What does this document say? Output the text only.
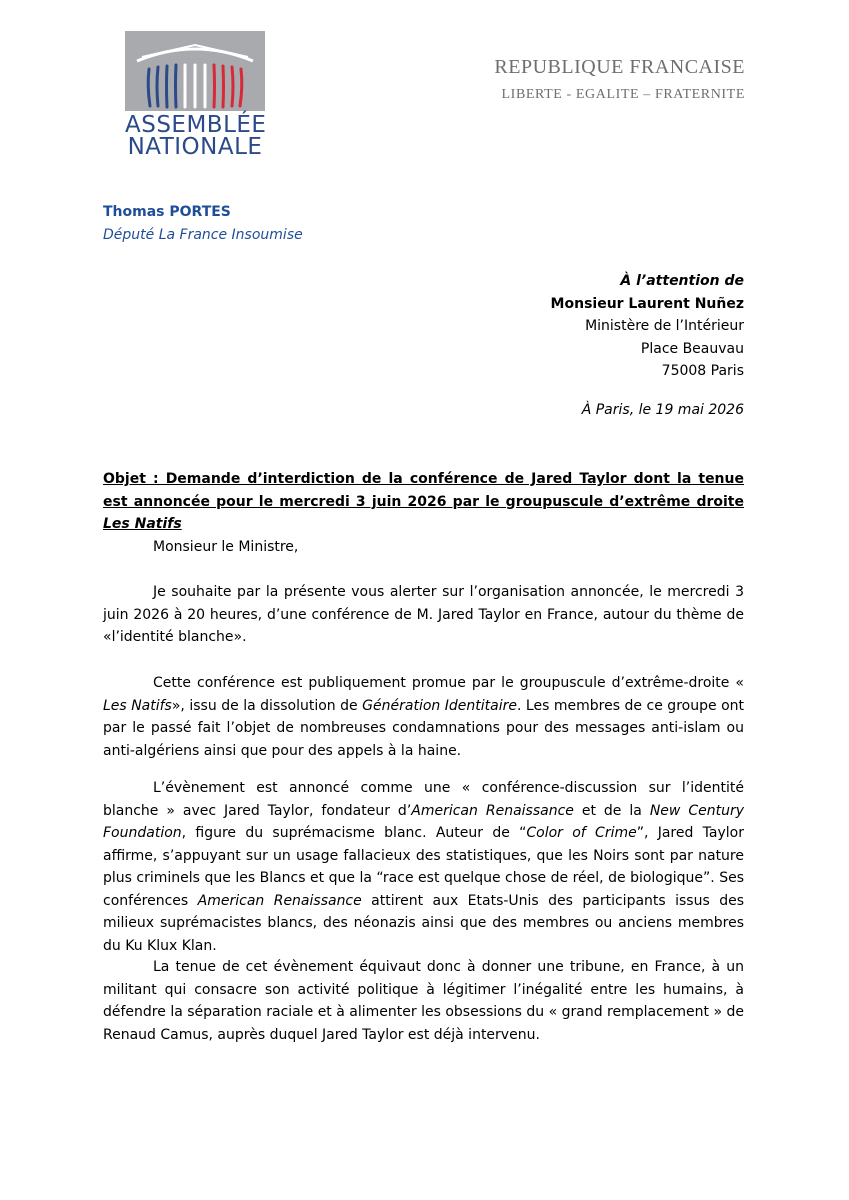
ASSEMBLÉE
NATIONALE
REPUBLIQUE FRANCAISE
LIBERTE - EGALITE – FRATERNITE
Thomas PORTES
Député La France Insoumise
À l’attention de
Monsieur Laurent Nuñez
Ministère de l’Intérieur
Place Beauvau
75008 Paris
À Paris, le 19 mai 2026
Objet : Demande d’interdiction de la conférence de Jared Taylor dont la tenue est annoncée pour le mercredi 3 juin 2026 par le groupuscule d’extrême droite Les Natifs
Monsieur le Ministre,

Je souhaite par la présente vous alerter sur l’organisation annoncée, le mercredi 3 juin 2026 à 20 heures, d’une conférence de M. Jared Taylor en France, autour du thème de «l’identité blanche».

Cette conférence est publiquement promue par le groupuscule d’extrême-droite « Les Natifs», issu de la dissolution de Génération Identitaire. Les membres de ce groupe ont par le passé fait l’objet de nombreuses condamnations pour des messages anti-islam ou anti-algériens ainsi que pour des appels à la haine.

L’évènement est annoncé comme une « conférence-discussion sur l’identité blanche » avec Jared Taylor, fondateur d’American Renaissance et de la New Century Foundation, figure du suprémacisme blanc. Auteur de “Color of Crime”, Jared Taylor affirme, s’appuyant sur un usage fallacieux des statistiques, que les Noirs sont par nature plus criminels que les Blancs et que la “race est quelque chose de réel, de biologique”. Ses conférences American Renaissance attirent aux Etats-Unis des participants issus des milieux suprémacistes blancs, des néonazis ainsi que des membres ou anciens membres du Ku Klux Klan.

La tenue de cet évènement équivaut donc à donner une tribune, en France, à un militant qui consacre son activité politique à légitimer l’inégalité entre les humains, à défendre la séparation raciale et à alimenter les obsessions du « grand remplacement » de Renaud Camus, auprès duquel Jared Taylor est déjà intervenu.
